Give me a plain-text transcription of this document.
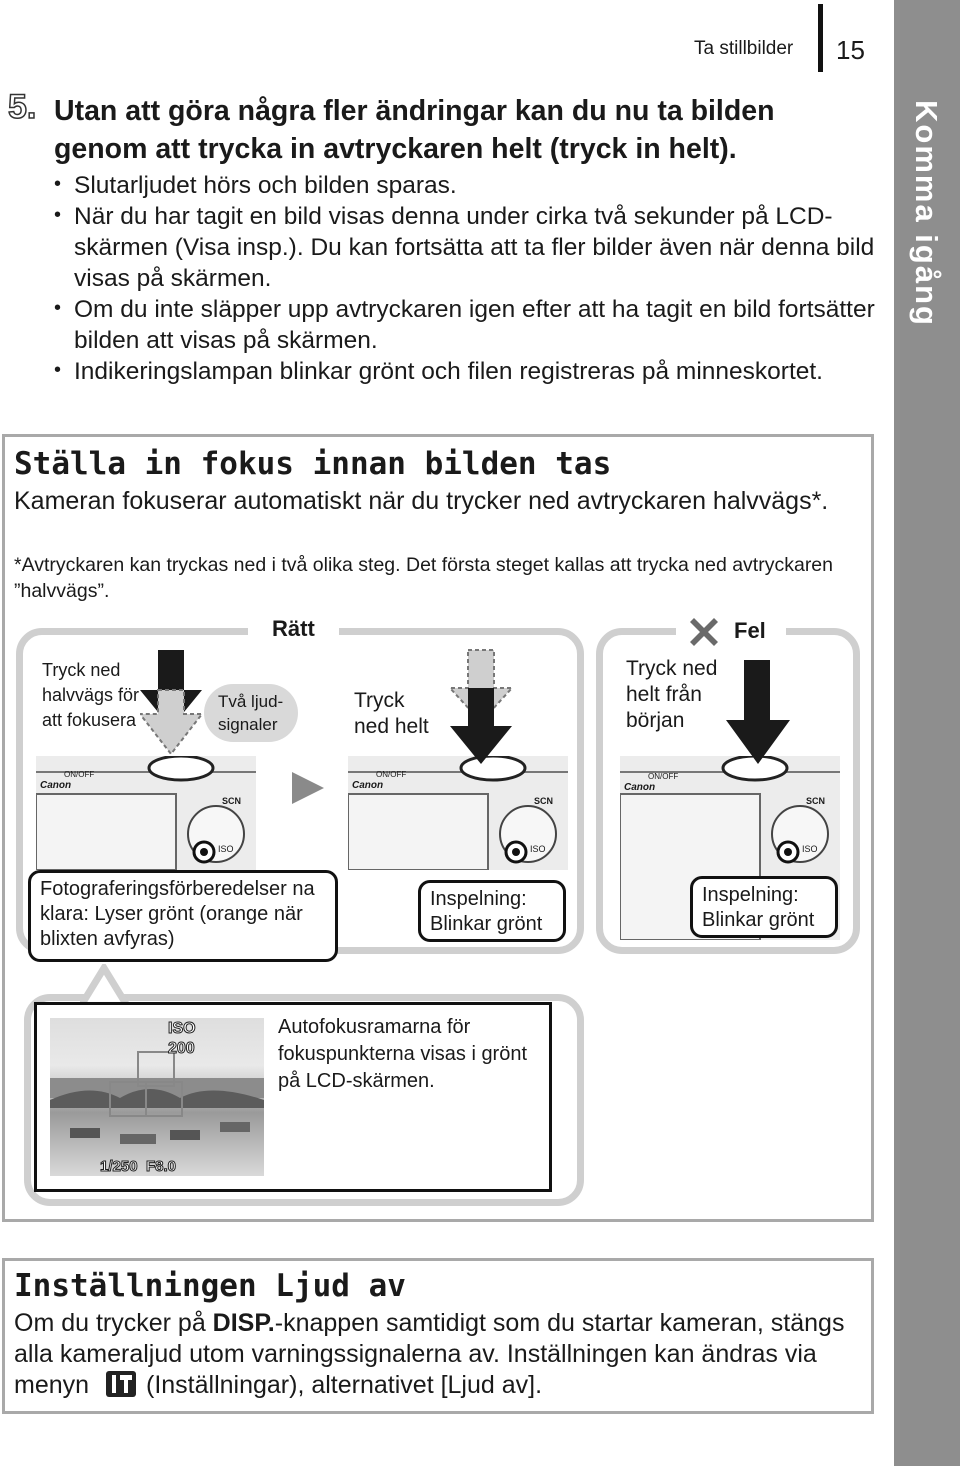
Ta stillbilder 15
Komma igång
5. Utan att göra några fler ändringar kan du nu ta bilden genom att trycka in avtryckaren helt (tryck in helt).
• Slutarljudet hörs och bilden sparas.
• När du har tagit en bild visas denna under cirka två sekunder på LCD-skärmen (Visa insp.). Du kan fortsätta att ta fler bilder även när denna bild visas på skärmen.
• Om du inte släpper upp avtryckaren igen efter att ha tagit en bild fortsätter bilden att visas på skärmen.
• Indikeringslampan blinkar grönt och filen registreras på minneskortet.
Ställa in fokus innan bilden tas
Kameran fokuserar automatiskt när du trycker ned avtryckaren halvvägs*.
*Avtryckaren kan tryckas ned i två olika steg. Det första steget kallas att trycka ned avtryckaren ”halvvägs”.
Rätt	Fel
ON/OFF
Canon
SCN
ISO
ON/OFF
Canon
SCN
ISO
ON/OFF
Canon
SCN
ISO
Tryck ned halvvägs för att fokusera
Två ljud-signaler
Tryck ned helt
Tryck ned helt från början
Fotograferingsförberedelser na klara: Lyser grönt (orange när blixten avfyras)
Inspelning: Blinkar grönt
Inspelning: Blinkar grönt
ISO
200
1/250 F8.0
Autofokusramarna för fokuspunkterna visas i grönt på LCD-skärmen.
Inställningen Ljud av
Om du trycker på DISP.-knappen samtidigt som du startar kameran, stängs alla kameraljud utom varningssignalerna av. Inställningen kan ändras via menyn (Inställningar), alternativet [Ljud av].
